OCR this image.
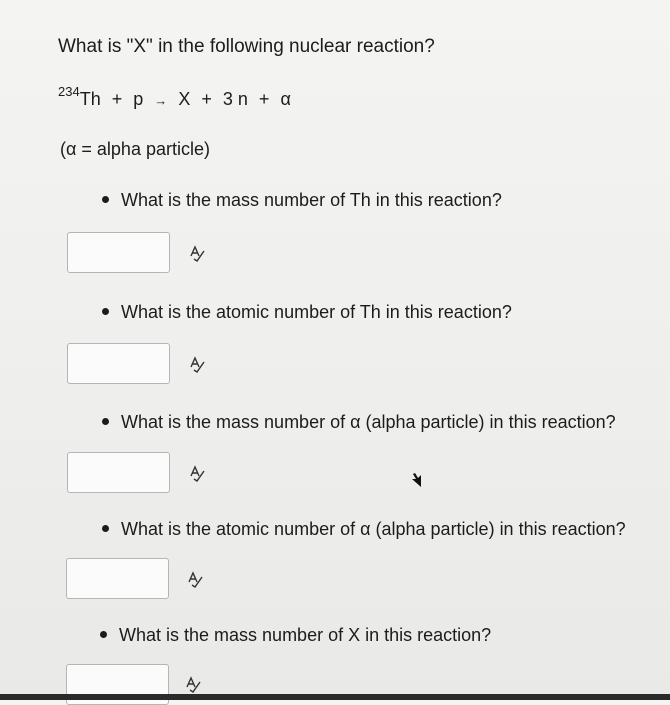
What is "X" in the following nuclear reaction?
$^{234}$Th + p → X + 3 n + α
(α = alpha particle)
What is the mass number of Th in this reaction?
What is the atomic number of Th in this reaction?
What is the mass number of α (alpha particle) in this reaction?
What is the atomic number of α (alpha particle) in this reaction?
What is the mass number of X in this reaction?
